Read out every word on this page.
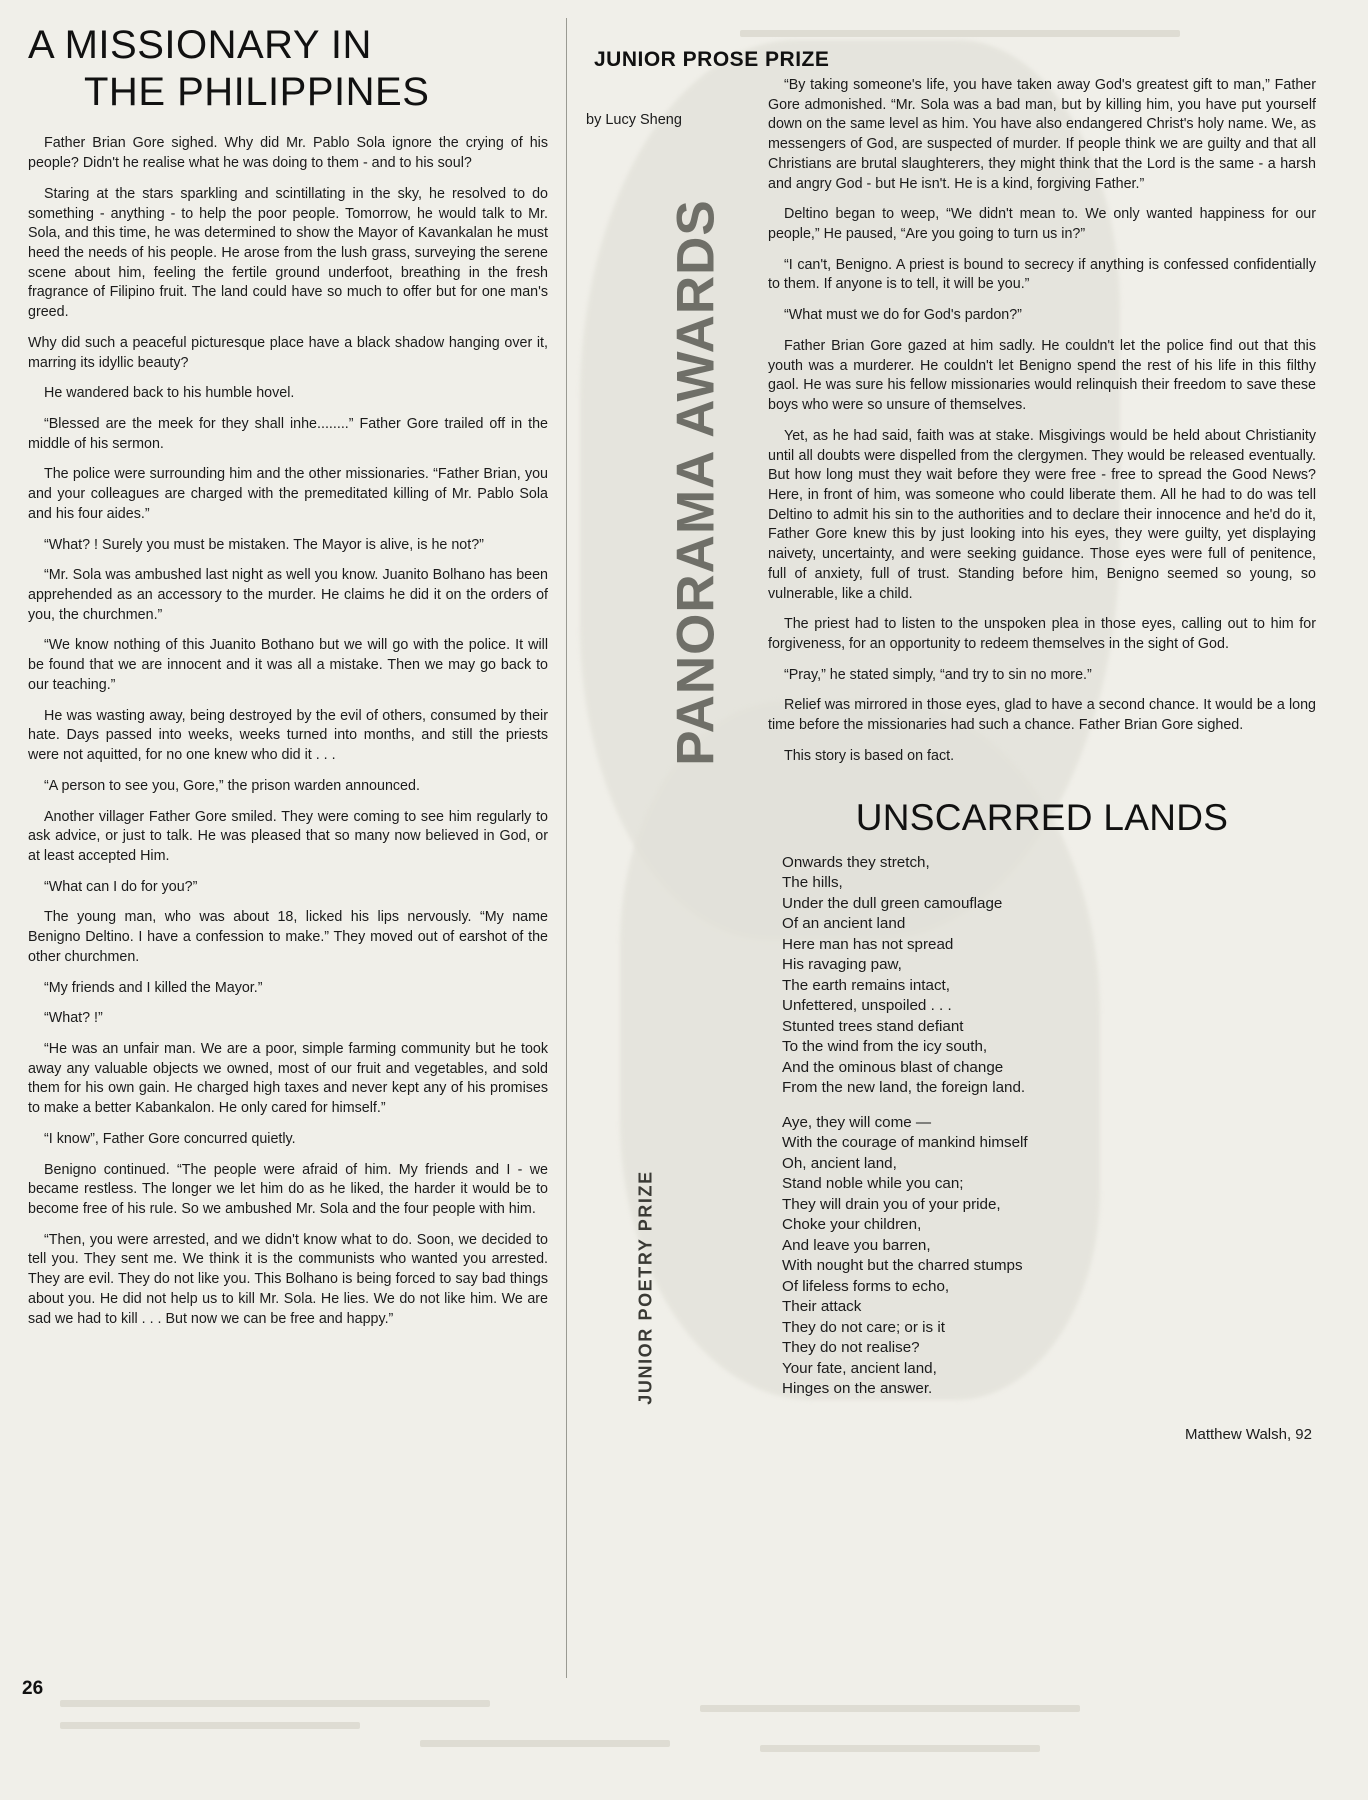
A MISSIONARY IN
THE PHILIPPINES

Father Brian Gore sighed. Why did Mr. Pablo Sola ignore the crying of his people? Didn't he realise what he was doing to them - and to his soul?

Staring at the stars sparkling and scintillating in the sky, he resolved to do something - anything - to help the poor people. Tomorrow, he would talk to Mr. Sola, and this time, he was determined to show the Mayor of Kavankalan he must heed the needs of his people. He arose from the lush grass, surveying the serene scene about him, feeling the fertile ground underfoot, breathing in the fresh fragrance of Filipino fruit. The land could have so much to offer but for one man's greed.

Why did such a peaceful picturesque place have a black shadow hanging over it, marring its idyllic beauty?

He wandered back to his humble hovel.

“Blessed are the meek for they shall inhe........” Father Gore trailed off in the middle of his sermon.

The police were surrounding him and the other missionaries. “Father Brian, you and your colleagues are charged with the premeditated killing of Mr. Pablo Sola and his four aides.”

“What? ! Surely you must be mistaken. The Mayor is alive, is he not?”

“Mr. Sola was ambushed last night as well you know. Juanito Bolhano has been apprehended as an accessory to the murder. He claims he did it on the orders of you, the churchmen.”

“We know nothing of this Juanito Bothano but we will go with the police. It will be found that we are innocent and it was all a mistake. Then we may go back to our teaching.”

He was wasting away, being destroyed by the evil of others, consumed by their hate. Days passed into weeks, weeks turned into months, and still the priests were not aquitted, for no one knew who did it . . .

“A person to see you, Gore,” the prison warden announced.

Another villager Father Gore smiled. They were coming to see him regularly to ask advice, or just to talk. He was pleased that so many now believed in God, or at least accepted Him.

“What can I do for you?”

The young man, who was about 18, licked his lips nervously. “My name Benigno Deltino. I have a confession to make.” They moved out of earshot of the other churchmen.

“My friends and I killed the Mayor.”

“What? !”

“He was an unfair man. We are a poor, simple farming community but he took away any valuable objects we owned, most of our fruit and vegetables, and sold them for his own gain. He charged high taxes and never kept any of his promises to make a better Kabankalon. He only cared for himself.”

“I know”, Father Gore concurred quietly.

Benigno continued. “The people were afraid of him. My friends and I - we became restless. The longer we let him do as he liked, the harder it would be to become free of his rule. So we ambushed Mr. Sola and the four people with him.

“Then, you were arrested, and we didn't know what to do. Soon, we decided to tell you. They sent me. We think it is the communists who wanted you arrested. They are evil. They do not like you. This Bolhano is being forced to say bad things about you. He did not help us to kill Mr. Sola. He lies. We do not like him. We are sad we had to kill . . . But now we can be free and happy.”

JUNIOR PROSE PRIZE
by Lucy Sheng
PANORAMA AWARDS
JUNIOR POETRY PRIZE

“By taking someone's life, you have taken away God's greatest gift to man,” Father Gore admonished. “Mr. Sola was a bad man, but by killing him, you have put yourself down on the same level as him. You have also endangered Christ's holy name. We, as messengers of God, are suspected of murder. If people think we are guilty and that all Christians are brutal slaughterers, they might think that the Lord is the same - a harsh and angry God - but He isn't. He is a kind, forgiving Father.”

Deltino began to weep, “We didn't mean to. We only wanted happiness for our people,” He paused, “Are you going to turn us in?”

“I can't, Benigno. A priest is bound to secrecy if anything is confessed confidentially to them. If anyone is to tell, it will be you.”

“What must we do for God's pardon?”

Father Brian Gore gazed at him sadly. He couldn't let the police find out that this youth was a murderer. He couldn't let Benigno spend the rest of his life in this filthy gaol. He was sure his fellow missionaries would relinquish their freedom to save these boys who were so unsure of themselves.

Yet, as he had said, faith was at stake. Misgivings would be held about Christianity until all doubts were dispelled from the clergymen. They would be released eventually. But how long must they wait before they were free - free to spread the Good News? Here, in front of him, was someone who could liberate them. All he had to do was tell Deltino to admit his sin to the authorities and to declare their innocence and he'd do it, Father Gore knew this by just looking into his eyes, they were guilty, yet displaying naivety, uncertainty, and were seeking guidance. Those eyes were full of penitence, full of anxiety, full of trust. Standing before him, Benigno seemed so young, so vulnerable, like a child.

The priest had to listen to the unspoken plea in those eyes, calling out to him for forgiveness, for an opportunity to redeem themselves in the sight of God.

“Pray,” he stated simply, “and try to sin no more.”

Relief was mirrored in those eyes, glad to have a second chance. It would be a long time before the missionaries had such a chance. Father Brian Gore sighed.

This story is based on fact.

UNSCARRED LANDS
Onwards they stretch,
The hills,
Under the dull green camouflage
Of an ancient land
Here man has not spread
His ravaging paw,
The earth remains intact,
Unfettered, unspoiled . . .
Stunted trees stand defiant
To the wind from the icy south,
And the ominous blast of change
From the new land, the foreign land.
Aye, they will come —
With the courage of mankind himself
Oh, ancient land,
Stand noble while you can;
They will drain you of your pride,
Choke your children,
And leave you barren,
With nought but the charred stumps
Of lifeless forms to echo,
Their attack
They do not care; or is it
They do not realise?
Your fate, ancient land,
Hinges on the answer.
Matthew Walsh, 92
26
